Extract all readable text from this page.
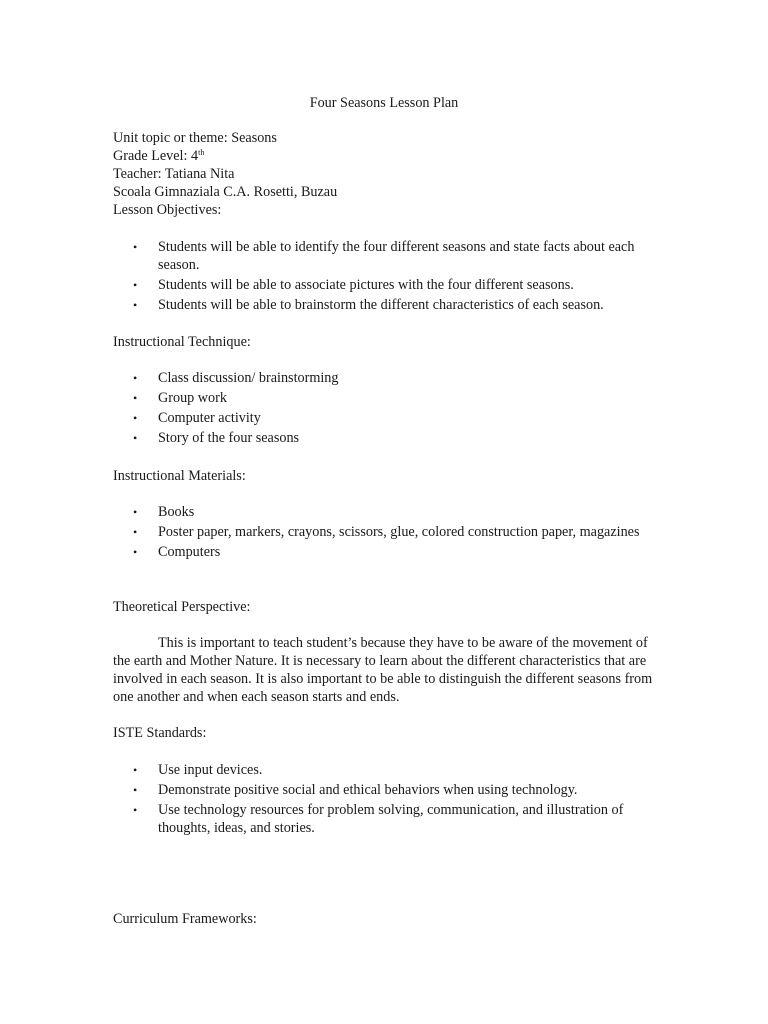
Four Seasons Lesson Plan
Unit topic or theme: Seasons
Grade Level: 4th
Teacher: Tatiana Nita
Scoala Gimnaziala C.A. Rosetti, Buzau
Lesson Objectives:
• Students will be able to identify the four different seasons and state facts about each season.
• Students will be able to associate pictures with the four different seasons.
• Students will be able to brainstorm the different characteristics of each season.
Instructional Technique:
• Class discussion/ brainstorming
• Group work
• Computer activity
• Story of the four seasons
Instructional Materials:
• Books
• Poster paper, markers, crayons, scissors, glue, colored construction paper, magazines
• Computers
Theoretical Perspective:

This is important to teach student’s because they have to be aware of the movement of the earth and Mother Nature. It is necessary to learn about the different characteristics that are involved in each season. It is also important to be able to distinguish the different seasons from one another and when each season starts and ends.

ISTE Standards:
• Use input devices.
• Demonstrate positive social and ethical behaviors when using technology.
• Use technology resources for problem solving, communication, and illustration of thoughts, ideas, and stories.
Curriculum Frameworks:
